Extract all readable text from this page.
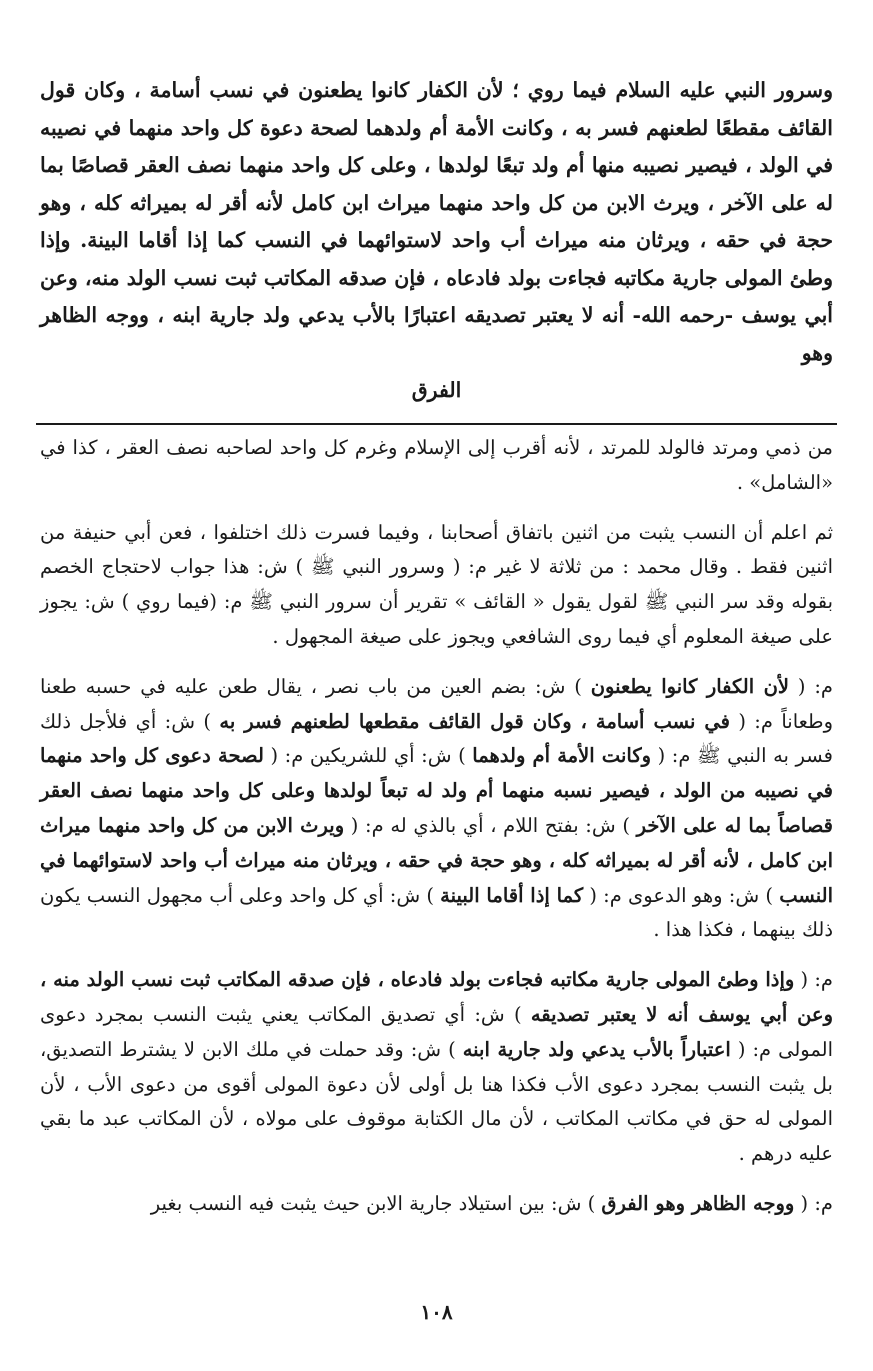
وسرور النبي عليه السلام فيما روي ؛ لأن الكفار كانوا يطعنون في نسب أسامة ، وكان قول القائف مقطعًا لطعنهم فسر به ، وكانت الأمة أم ولدهما لصحة دعوة كل واحد منهما في نصيبه في الولد ، فيصير نصيبه منها أم ولد تبعًا لولدها ، وعلى كل واحد منهما نصف العقر قصاصًا بما له على الآخر ، ويرث الابن من كل واحد منهما ميراث ابن كامل لأنه أقر له بميراثه كله ، وهو حجة في حقه ، ويرثان منه ميراث أب واحد لاستوائهما في النسب كما إذا أقاما البينة. وإذا وطئ المولى جارية مكاتبه فجاءت بولد فادعاه ، فإن صدقه المكاتب ثبت نسب الولد منه، وعن أبي يوسف -رحمه الله- أنه لا يعتبر تصديقه اعتبارًا بالأب يدعي ولد جارية ابنه ، ووجه الظاهر وهو

الفرق

من ذمي ومرتد فالولد للمرتد ، لأنه أقرب إلى الإسلام وغرم كل واحد لصاحبه نصف العقر ، كذا في «الشامل» .

ثم اعلم أن النسب يثبت من اثنين باتفاق أصحابنا ، وفيما فسرت ذلك اختلفوا ، فعن أبي حنيفة من اثنين فقط . وقال محمد : من ثلاثة لا غير م: ( وسرور النبي ﷺ ) ش: هذا جواب لاحتجاج الخصم بقوله وقد سر النبي ﷺ لقول يقول « القائف » تقرير أن سرور النبي ﷺ م: (فيما روي ) ش: يجوز على صيغة المعلوم أي فيما روى الشافعي ويجوز على صيغة المجهول .

م: ( لأن الكفار كانوا يطعنون ) ش: بضم العين من باب نصر ، يقال طعن عليه في حسبه طعنا وطعاناً م: ( في نسب أسامة ، وكان قول القائف مقطعها لطعنهم فسر به ) ش: أي فلأجل ذلك فسر به النبي ﷺ م: ( وكانت الأمة أم ولدهما ) ش: أي للشريكين م: ( لصحة دعوى كل واحد منهما في نصيبه من الولد ، فيصير نسبه منهما أم ولد له تبعاً لولدها وعلى كل واحد منهما نصف العقر قصاصاً بما له على الآخر ) ش: بفتح اللام ، أي بالذي له م: ( ويرث الابن من كل واحد منهما ميراث ابن كامل ، لأنه أقر له بميراثه كله ، وهو حجة في حقه ، ويرثان منه ميراث أب واحد لاستوائهما في النسب ) ش: وهو الدعوى م: ( كما إذا أقاما البينة ) ش: أي كل واحد وعلى أب مجهول النسب يكون ذلك بينهما ، فكذا هذا .

م: ( وإذا وطئ المولى جارية مكاتبه فجاءت بولد فادعاه ، فإن صدقه المكاتب ثبت نسب الولد منه ، وعن أبي يوسف أنه لا يعتبر تصديقه ) ش: أي تصديق المكاتب يعني يثبت النسب بمجرد دعوى المولى م: ( اعتباراً بالأب يدعي ولد جارية ابنه ) ش: وقد حملت في ملك الابن لا يشترط التصديق، بل يثبت النسب بمجرد دعوى الأب فكذا هنا بل أولى لأن دعوة المولى أقوى من دعوى الأب ، لأن المولى له حق في مكاتب المكاتب ، لأن مال الكتابة موقوف على مولاه ، لأن المكاتب عبد ما بقي عليه درهم .

م: ( ووجه الظاهر وهو الفرق ) ش: بين استيلاد جارية الابن حيث يثبت فيه النسب بغير

١٠٨
